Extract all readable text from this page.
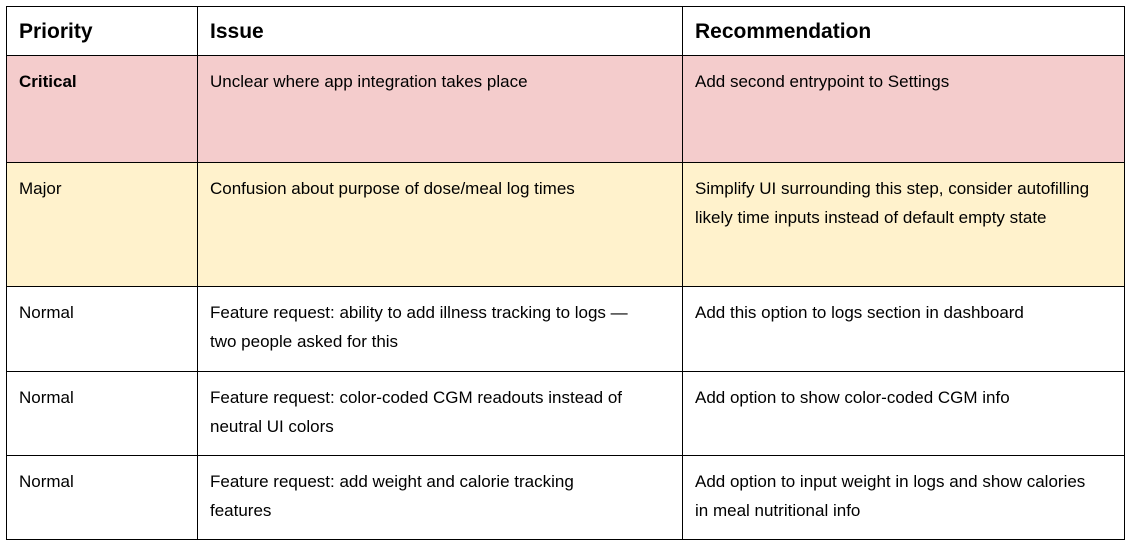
Priority	Issue	Recommendation

Critical	Unclear where app integration takes place	Add second entrypoint to Settings

Major	Confusion about purpose of dose/meal log times	Simplify UI surrounding this step, consider autofilling likely time inputs instead of default empty state

Normal	Feature request: ability to add illness tracking to logs — two people asked for this	Add this option to logs section in dashboard

Normal	Feature request: color-coded CGM readouts instead of neutral UI colors	Add option to show color-coded CGM info

Normal	Feature request: add weight and calorie tracking features	Add option to input weight in logs and show calories in meal nutritional info
